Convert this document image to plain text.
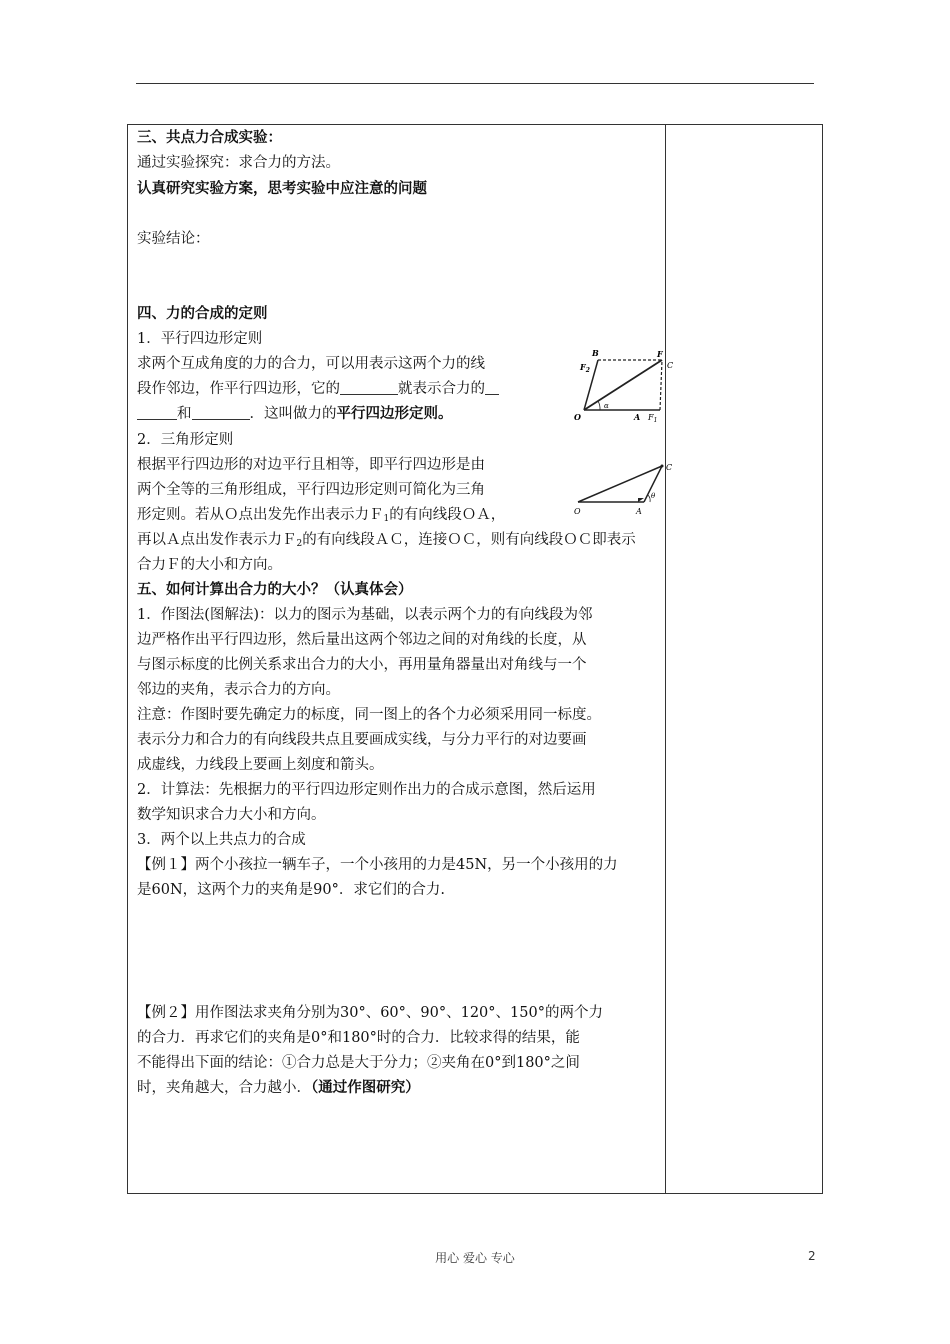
三、共点力合成实验：
通过实验探究：求合力的方法。
认真研究实验方案，思考实验中应注意的问题
实验结论：
四、力的合成的定则
1．平行四边形定则
求两个互成角度的力的合力，可以用表示这两个力的线
段作邻边，作平行四边形，它的	就表示合力的
和	．这叫做力的平行四边形定则。
2．三角形定则
根据平行四边形的对边平行且相等，即平行四边形是由
两个全等的三角形组成，平行四边形定则可简化为三角
形定则。若从Ｏ点出发先作出表示力Ｆ$_1$的有向线段ＯＡ，
再以Ａ点出发作表示力Ｆ$_2$的有向线段ＡＣ，连接ＯＣ，则有向线段ＯＣ即表示
合力Ｆ的大小和方向。
五、如何计算出合力的大小？（认真体会）
1．作图法(图解法)：以力的图示为基础，以表示两个力的有向线段为邻
边严格作出平行四边形，然后量出这两个邻边之间的对角线的长度，从
与图示标度的比例关系求出合力的大小，再用量角器量出对角线与一个
邻边的夹角，表示合力的方向。
注意：作图时要先确定力的标度，同一图上的各个力必须采用同一标度。
表示分力和合力的有向线段共点且要画成实线，与分力平行的对边要画
成虚线，力线段上要画上刻度和箭头。
2．计算法：先根据力的平行四边形定则作出力的合成示意图，然后运用
数学知识求合力大小和方向。
3．两个以上共点力的合成
【例１】两个小孩拉一辆车子，一个小孩用的力是45N，另一个小孩用的力
是60N，这两个力的夹角是90°．求它们的合力.
【例２】用作图法求夹角分别为30°、60°、90°、120°、150°的两个力
的合力．再求它们的夹角是0°和180°时的合力．比较求得的结果，能
不能得出下面的结论：①合力总是大于分力；②夹角在0°到180°之间
时，夹角越大，合力越小．（通过作图研究）
B
$F_2$
F
C
O
α
A $F_1$
C
O	A
θ
用心 爱心 专心	2
